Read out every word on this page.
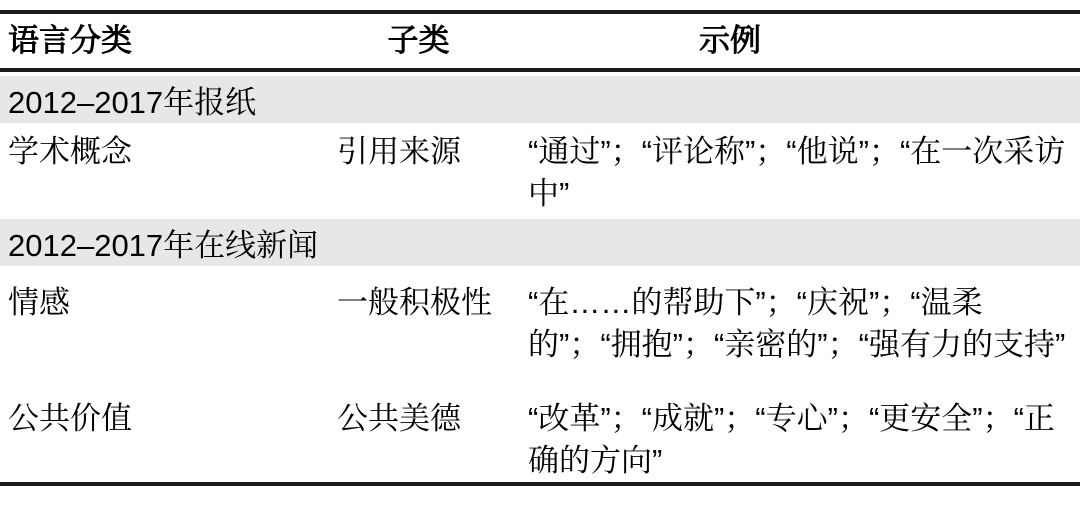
语言分类	子类	示例
2012–2017年报纸
学术概念	引用来源	“通过”；“评论称”；“他说”；“在一次采访中”
2012–2017年在线新闻
情感	一般积极性	“在……的帮助下”；“庆祝”；“温柔的”；“拥抱”；“亲密的”；“强有力的支持”
公共价值	公共美德	“改革”；“成就”；“专心”；“更安全”；“正确的方向”
